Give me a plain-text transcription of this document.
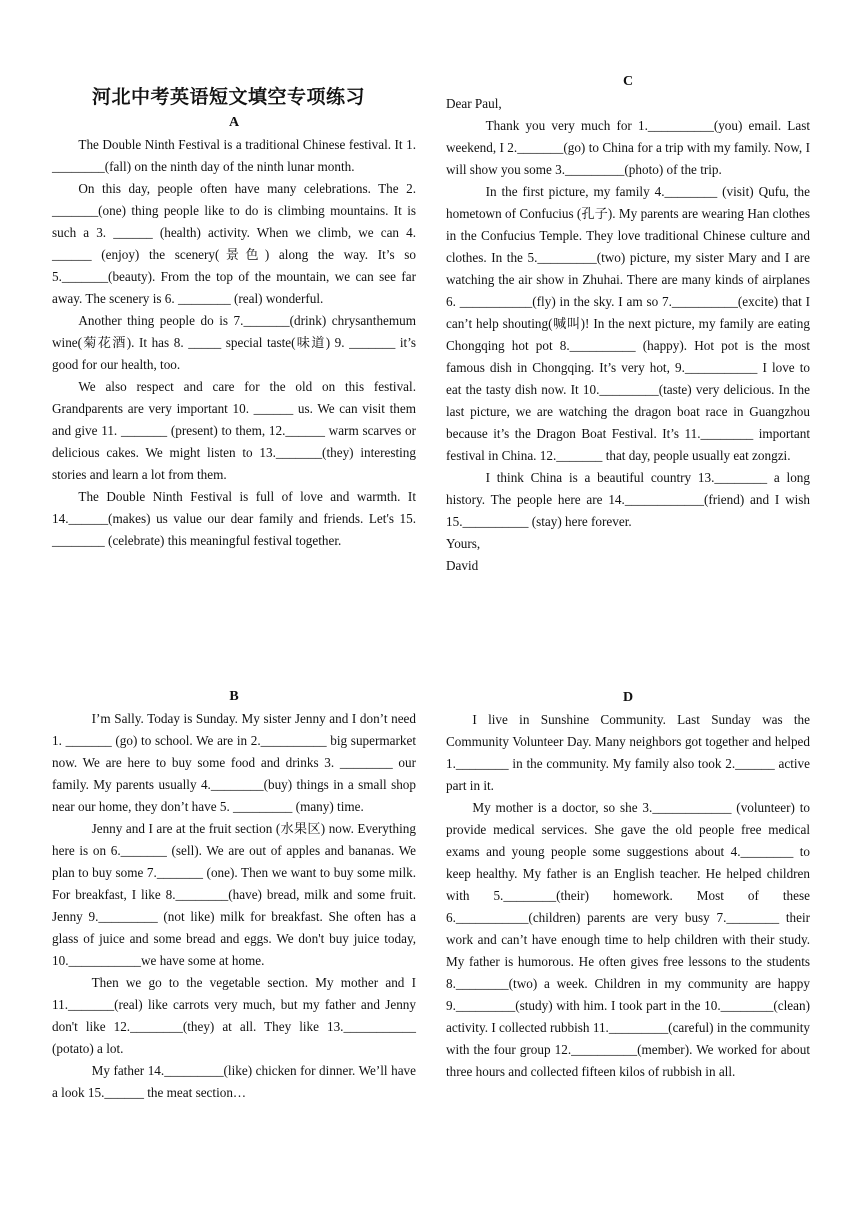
河北中考英语短文填空专项练习

A

The Double Ninth Festival is a traditional Chinese festival. It 1. ________(fall) on the ninth day of the ninth lunar month.

On this day, people often have many celebrations. The 2. _______(one) thing people like to do is climbing mountains. It is such a 3. ______ (health) activity. When we climb, we can 4. ______ (enjoy) the scenery(景色) along the way. It’s so 5._______(beauty). From the top of the mountain, we can see far away. The scenery is 6. ________ (real) wonderful.

Another thing people do is 7._______(drink) chrysanthemum wine(菊花酒). It has 8. _____ special taste(味道) 9. _______ it’s good for our health, too.

We also respect and care for the old on this festival. Grandparents are very important 10. ______ us. We can visit them and give 11. _______ (present) to them, 12.______ warm scarves or delicious cakes. We might listen to 13._______(they) interesting stories and learn a lot from them.

The Double Ninth Festival is full of love and warmth. It 14.______(makes) us value our dear family and friends. Let's 15. ________ (celebrate) this meaningful festival together.

B

I’m Sally. Today is Sunday. My sister Jenny and I don’t need 1. _______ (go) to school. We are in 2.__________ big supermarket now. We are here to buy some food and drinks 3. ________ our family. My parents usually 4.________(buy) things in a small shop near our home, they don’t have 5. _________ (many) time.

Jenny and I are at the fruit section (水果区) now. Everything here is on 6._______ (sell). We are out of apples and bananas. We plan to buy some 7._______ (one). Then we want to buy some milk. For breakfast, I like 8.________(have) bread, milk and some fruit. Jenny 9._________ (not like) milk for breakfast. She often has a glass of juice and some bread and eggs. We don't buy juice today, 10.___________we have some at home.

Then we go to the vegetable section. My mother and I 11._______(real) like carrots very much, but my father and Jenny don't like 12.________(they) at all. They like 13.___________ (potato) a lot.

My father 14._________(like) chicken for dinner. We’ll have a look 15.______ the meat section…

C

Dear Paul,

Thank you very much for 1.__________(you) email. Last weekend, I 2._______(go) to China for a trip with my family. Now, I will show you some 3._________(photo) of the trip.

In the first picture, my family 4.________ (visit) Qufu, the hometown of Confucius (孔子). My parents are wearing Han clothes in the Confucius Temple. They love traditional Chinese culture and clothes. In the 5._________(two) picture, my sister Mary and I are watching the air show in Zhuhai. There are many kinds of airplanes 6. ___________(fly) in the sky. I am so 7.__________(excite) that I can’t help shouting(喊叫)! In the next picture, my family are eating Chongqing hot pot 8.__________ (happy). Hot pot is the most famous dish in Chongqing. It’s very hot, 9.___________ I love to eat the tasty dish now. It 10._________(taste) very delicious. In the last picture, we are watching the dragon boat race in Guangzhou because it’s the Dragon Boat Festival. It’s 11.________ important festival in China. 12._______ that day, people usually eat zongzi.

I think China is a beautiful country 13.________ a long history. The people here are 14.____________(friend) and I wish 15.__________ (stay) here forever.

Yours,

David

D

I live in Sunshine Community. Last Sunday was the Community Volunteer Day. Many neighbors got together and helped 1.________ in the community. My family also took 2.______ active part in it.

My mother is a doctor, so she 3.____________ (volunteer) to provide medical services. She gave the old people free medical exams and young people some suggestions about 4.________ to keep healthy. My father is an English teacher. He helped children with 5.________(their) homework. Most of these 6.___________(children) parents are very busy 7.________ their work and can’t have enough time to help children with their study. My father is humorous. He often gives free lessons to the students 8.________(two) a week. Children in my community are happy 9._________(study) with him. I took part in the 10.________(clean) activity. I collected rubbish 11._________(careful) in the community with the four group 12.__________(member). We worked for about three hours and collected fifteen kilos of rubbish in all.
